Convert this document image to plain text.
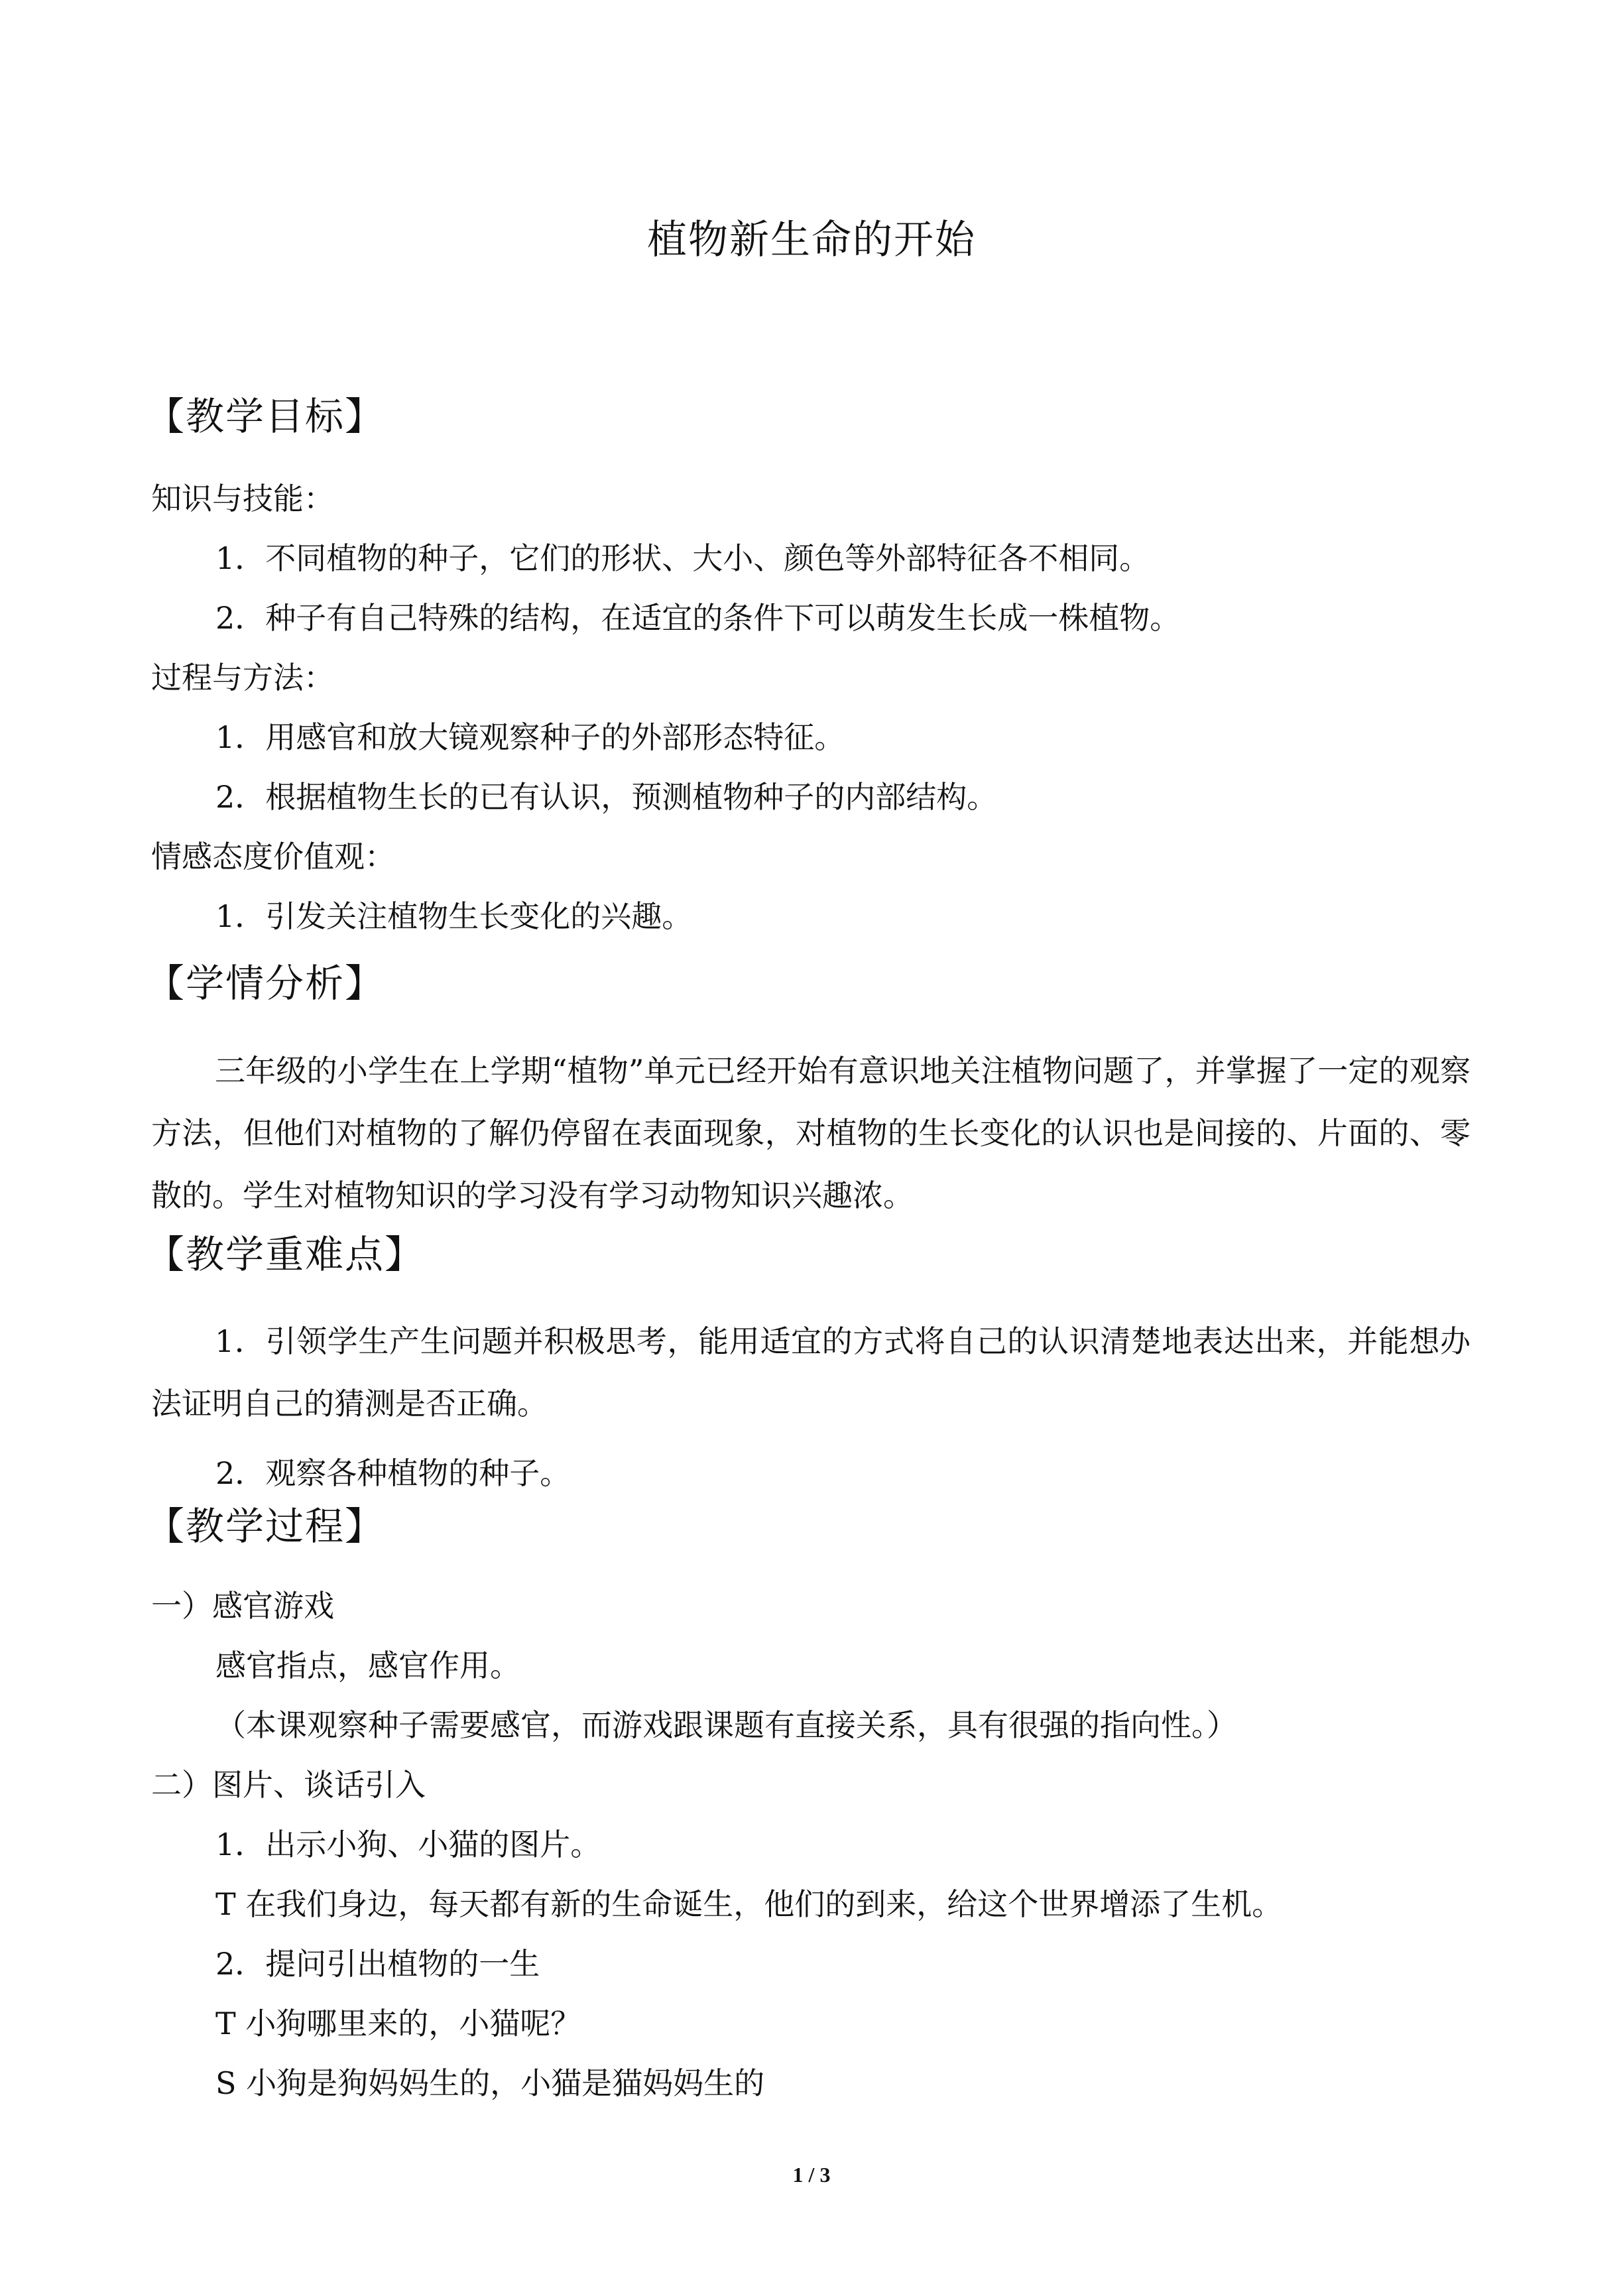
植物新生命的开始
【教学目标】
知识与技能：
1．不同植物的种子，它们的形状、大小、颜色等外部特征各不相同。
2．种子有自己特殊的结构，在适宜的条件下可以萌发生长成一株植物。
过程与方法：
1．用感官和放大镜观察种子的外部形态特征。
2．根据植物生长的已有认识，预测植物种子的内部结构。
情感态度价值观：
1．引发关注植物生长变化的兴趣。
【学情分析】
三年级的小学生在上学期“植物”单元已经开始有意识地关注植物问题了，并掌握了一定的观察方法，但他们对植物的了解仍停留在表面现象，对植物的生长变化的认识也是间接的、片面的、零散的。学生对植物知识的学习没有学习动物知识兴趣浓。
【教学重难点】
1．引领学生产生问题并积极思考，能用适宜的方式将自己的认识清楚地表达出来，并能想办法证明自己的猜测是否正确。
2．观察各种植物的种子。
【教学过程】
一）感官游戏
感官指点，感官作用。
（本课观察种子需要感官，而游戏跟课题有直接关系，具有很强的指向性。）
二）图片、谈话引入
1．出示小狗、小猫的图片。
T 在我们身边，每天都有新的生命诞生，他们的到来，给这个世界增添了生机。
2．提问引出植物的一生
T 小狗哪里来的，小猫呢？
S 小狗是狗妈妈生的，小猫是猫妈妈生的
1 / 3
